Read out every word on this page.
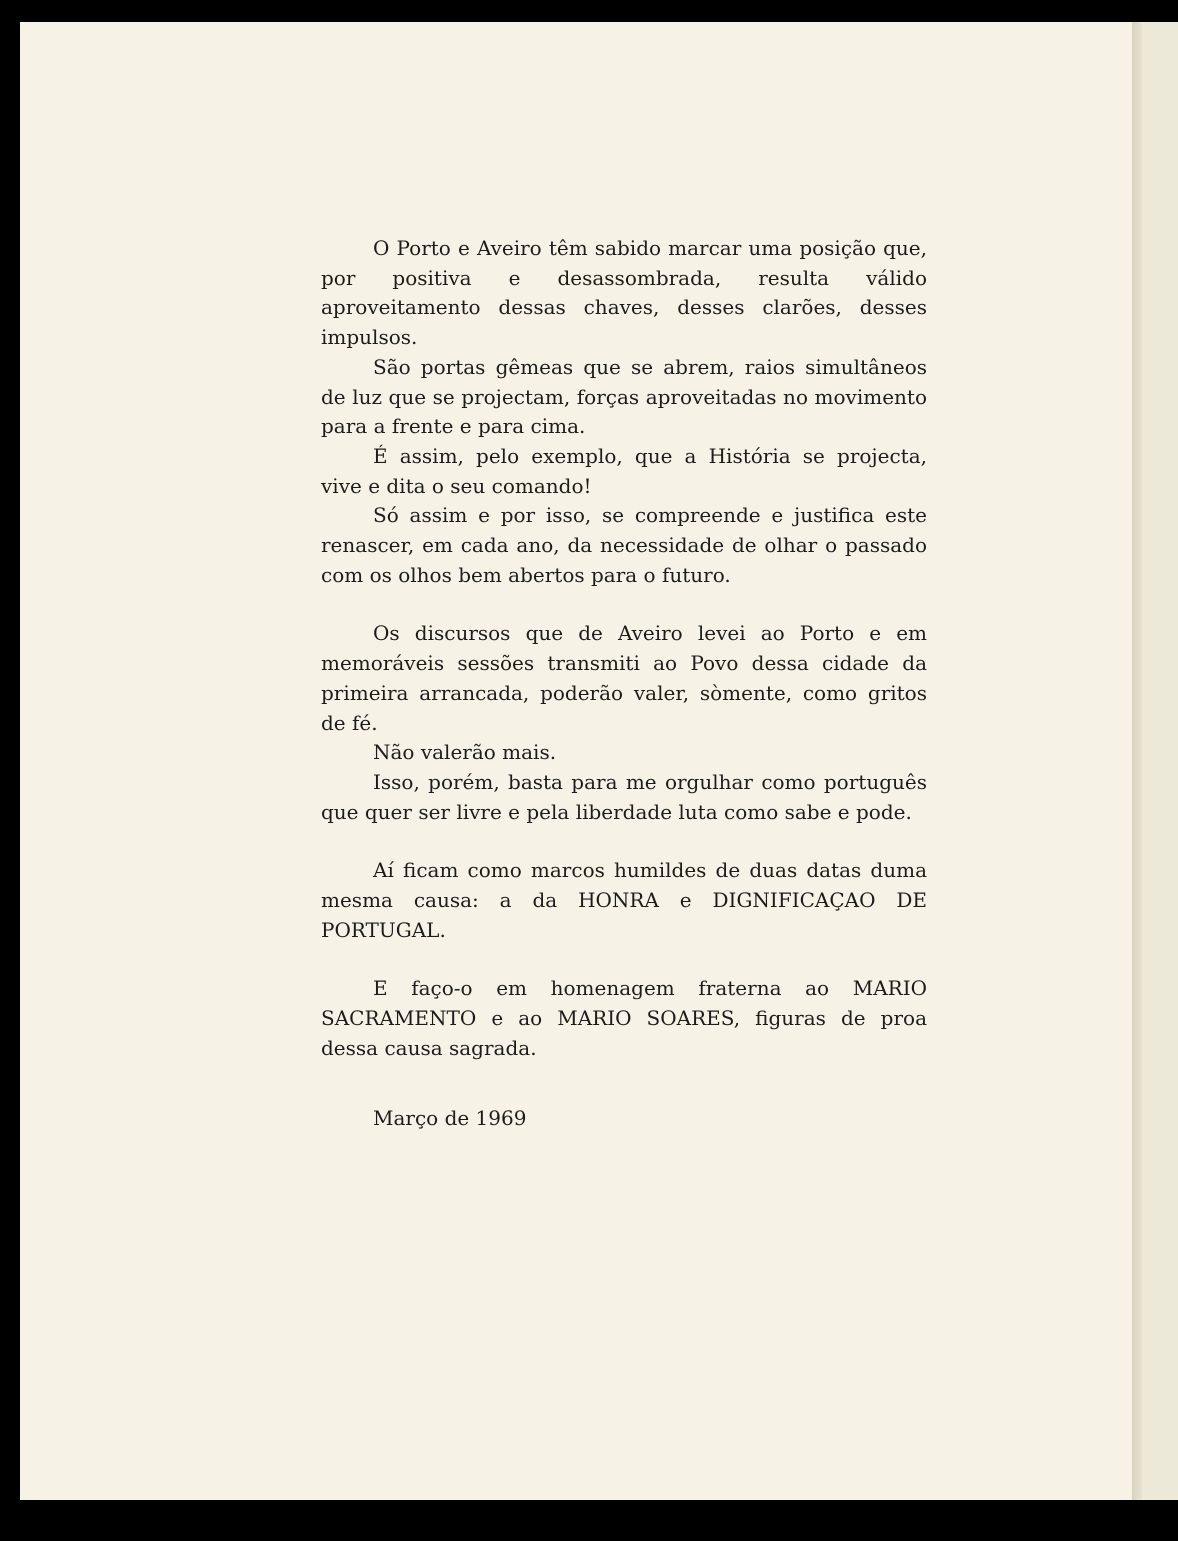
O Porto e Aveiro têm sabido marcar uma posição que, por positiva e desassombrada, resulta válido aproveitamento dessas chaves, desses clarões, desses impulsos.

São portas gêmeas que se abrem, raios simultâneos de luz que se projectam, forças aproveitadas no movimento para a frente e para cima.

É assim, pelo exemplo, que a História se projecta, vive e dita o seu comando!

Só assim e por isso, se compreende e justifica este renascer, em cada ano, da necessidade de olhar o passado com os olhos bem abertos para o futuro.

Os discursos que de Aveiro levei ao Porto e em memoráveis sessões transmiti ao Povo dessa cidade da primeira arrancada, poderão valer, sòmente, como gritos de fé.

Não valerão mais.

Isso, porém, basta para me orgulhar como português que quer ser livre e pela liberdade luta como sabe e pode.

Aí ficam como marcos humildes de duas datas duma mesma causa: a da HONRA e DIGNIFICAÇAO DE PORTUGAL.

E faço-o em homenagem fraterna ao MARIO SACRAMENTO e ao MARIO SOARES, figuras de proa dessa causa sagrada.

Março de 1969
